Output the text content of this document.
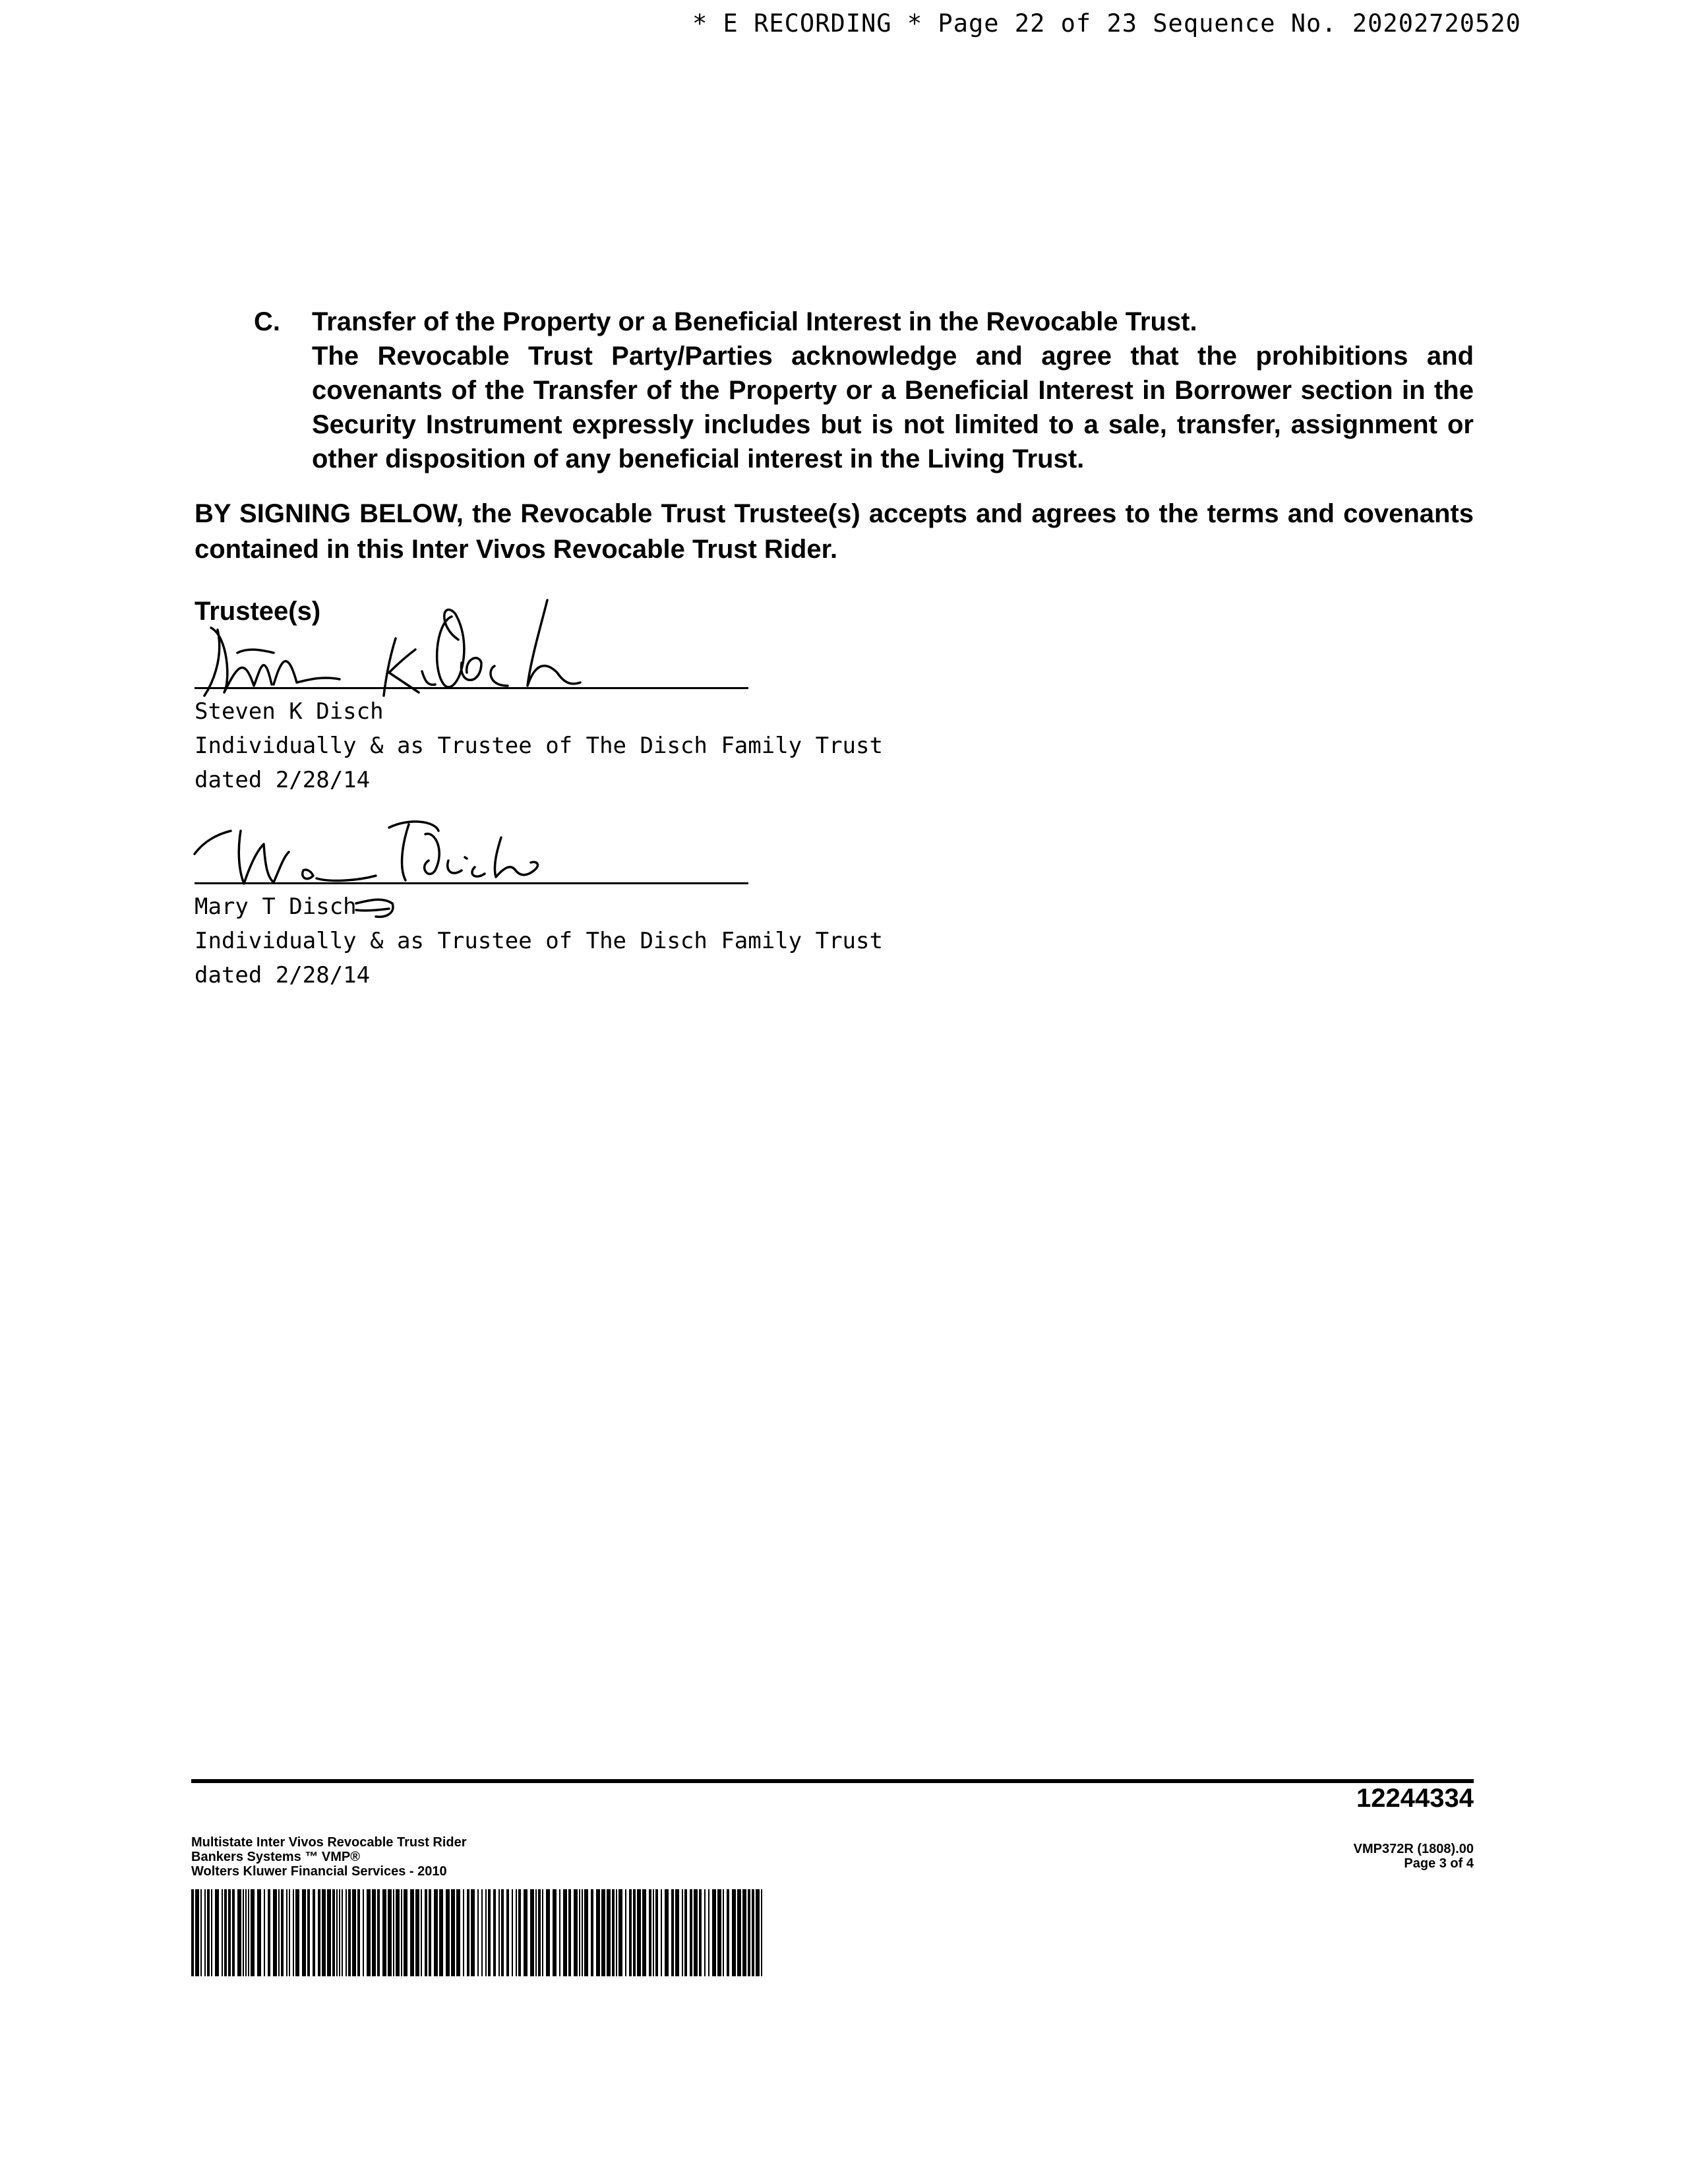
* E RECORDING * Page 22 of 23 Sequence No. 20202720520
C. Transfer of the Property or a Beneficial Interest in the Revocable Trust.
The Revocable Trust Party/Parties acknowledge and agree that the prohibitions and covenants of the Transfer of the Property or a Beneficial Interest in Borrower section in the Security Instrument expressly includes but is not limited to a sale, transfer, assignment or other disposition of any beneficial interest in the Living Trust.
BY SIGNING BELOW, the Revocable Trust Trustee(s) accepts and agrees to the terms and covenants contained in this Inter Vivos Revocable Trust Rider.
Trustee(s)
Steven K Disch
Individually & as Trustee of The Disch Family Trust
dated 2/28/14
Mary T Disch
Individually & as Trustee of The Disch Family Trust
dated 2/28/14
12244334
Multistate Inter Vivos Revocable Trust Rider
Bankers Systems ™ VMP®
Wolters Kluwer Financial Services - 2010
VMP372R (1808).00
Page 3 of 4
